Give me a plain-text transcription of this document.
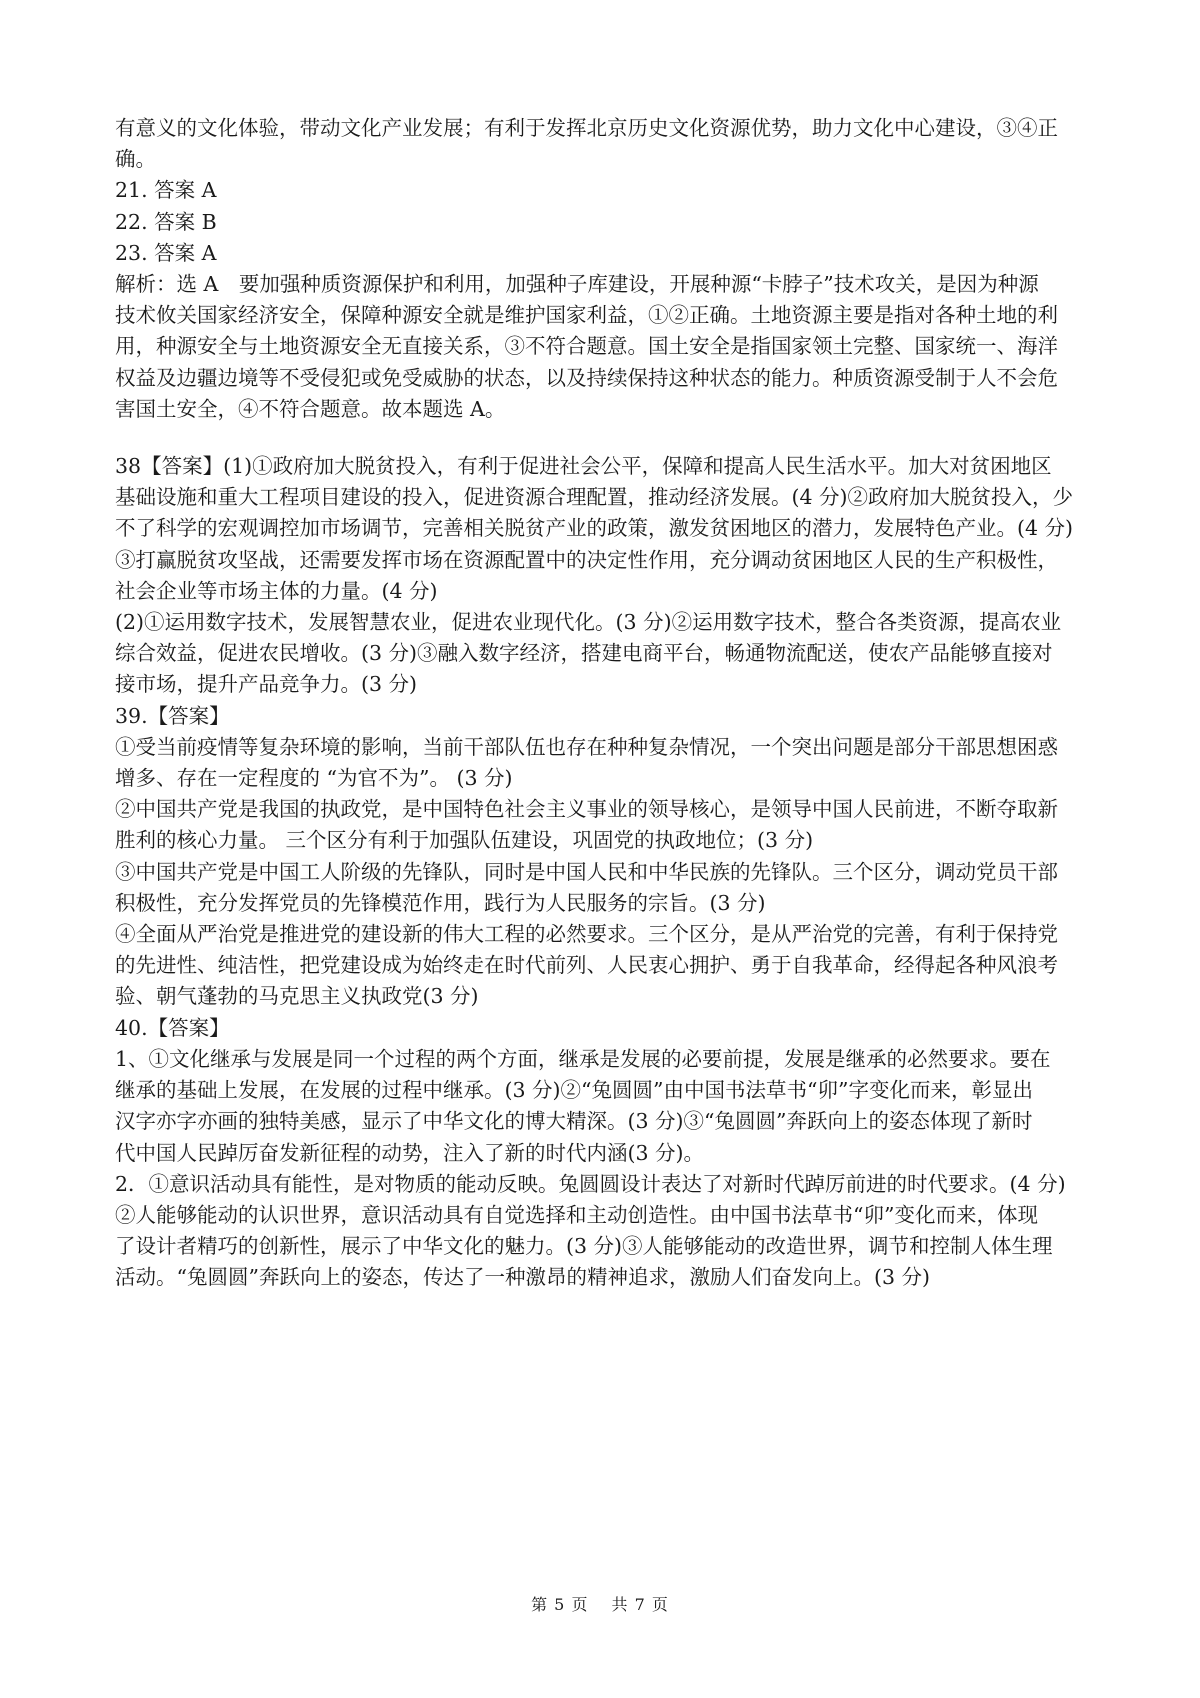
有意义的文化体验，带动文化产业发展；有利于发挥北京历史文化资源优势，助力文化中心建设，③④正

确。

21. 答案 A

22. 答案 B

23. 答案 A

解析：选 A　要加强种质资源保护和利用，加强种子库建设，开展种源“卡脖子”技术攻关，是因为种源

技术攸关国家经济安全，保障种源安全就是维护国家利益，①②正确。土地资源主要是指对各种土地的利

用，种源安全与土地资源安全无直接关系，③不符合题意。国土安全是指国家领土完整、国家统一、海洋

权益及边疆边境等不受侵犯或免受威胁的状态，以及持续保持这种状态的能力。种质资源受制于人不会危

害国土安全，④不符合题意。故本题选 A。

38【答案】(1)①政府加大脱贫投入，有利于促进社会公平，保障和提高人民生活水平。加大对贫困地区

基础设施和重大工程项目建设的投入，促进资源合理配置，推动经济发展。(4 分)②政府加大脱贫投入，少

不了科学的宏观调控加市场调节，完善相关脱贫产业的政策，激发贫困地区的潜力，发展特色产业。(4 分)

③打赢脱贫攻坚战，还需要发挥市场在资源配置中的决定性作用，充分调动贫困地区人民的生产积极性，

社会企业等市场主体的力量。(4 分)

(2)①运用数字技术，发展智慧农业，促进农业现代化。(3 分)②运用数字技术，整合各类资源，提高农业

综合效益，促进农民增收。(3 分)③融入数字经济，搭建电商平台，畅通物流配送，使农产品能够直接对

接市场，提升产品竞争力。(3 分)

39.【答案】

①受当前疫情等复杂环境的影响，当前干部队伍也存在种种复杂情况，一个突出问题是部分干部思想困惑

增多、存在一定程度的 “为官不为”。 (3 分)

②中国共产党是我国的执政党，是中国特色社会主义事业的领导核心，是领导中国人民前进，不断夺取新

胜利的核心力量。 三个区分有利于加强队伍建设，巩固党的执政地位；(3 分)

③中国共产党是中国工人阶级的先锋队，同时是中国人民和中华民族的先锋队。三个区分，调动党员干部

积极性，充分发挥党员的先锋模范作用，践行为人民服务的宗旨。(3 分)

④全面从严治党是推进党的建设新的伟大工程的必然要求。三个区分，是从严治党的完善，有利于保持党

的先进性、纯洁性，把党建设成为始终走在时代前列、人民衷心拥护、勇于自我革命，经得起各种风浪考

验、朝气蓬勃的马克思主义执政党(3 分)

40.【答案】

1、①文化继承与发展是同一个过程的两个方面，继承是发展的必要前提，发展是继承的必然要求。要在

继承的基础上发展，在发展的过程中继承。(3 分)②“兔圆圆”由中国书法草书“卯”字变化而来，彰显出

汉字亦字亦画的独特美感，显示了中华文化的博大精深。(3 分)③“兔圆圆”奔跃向上的姿态体现了新时

代中国人民踔厉奋发新征程的动势，注入了新的时代内涵(3 分)。

2．①意识活动具有能性，是对物质的能动反映。兔圆圆设计表达了对新时代踔厉前进的时代要求。(4 分)

②人能够能动的认识世界，意识活动具有自觉选择和主动创造性。由中国书法草书“卯”变化而来，体现

了设计者精巧的创新性，展示了中华文化的魅力。(3 分)③人能够能动的改造世界，调节和控制人体生理

活动。“兔圆圆”奔跃向上的姿态，传达了一种激昂的精神追求，激励人们奋发向上。(3 分)

第 5 页　 共 7 页
